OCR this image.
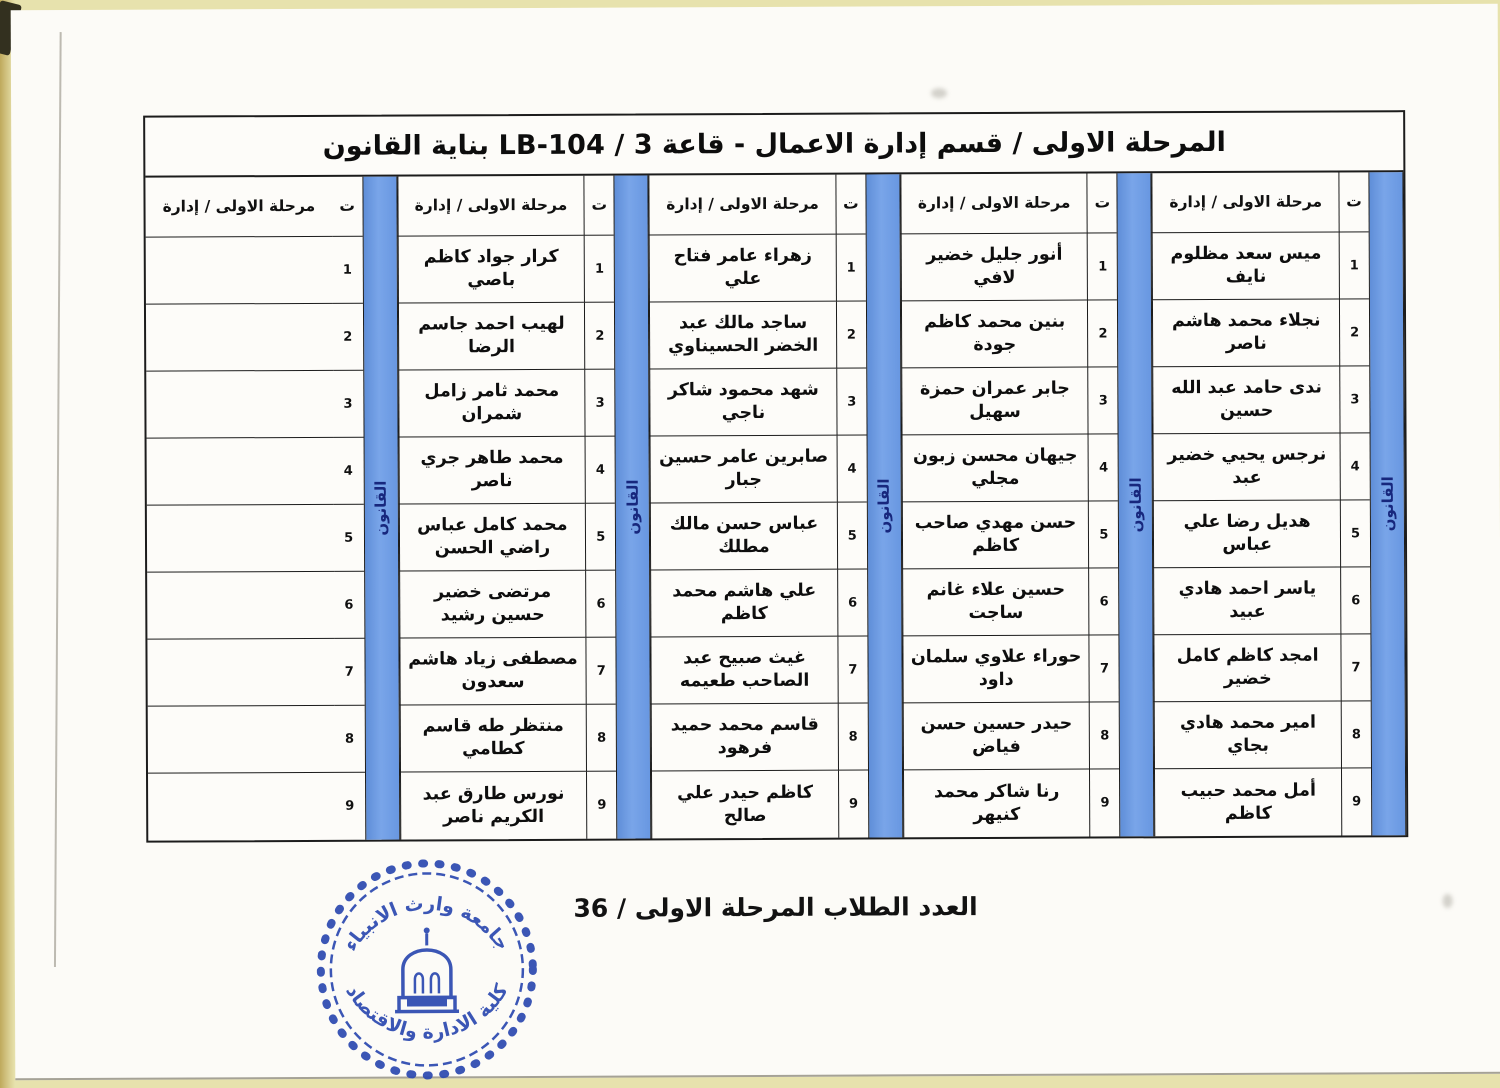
المرحلة الاولى / قسم إدارة الاعمال - قاعة 3 / LB-104 بناية القانون
القانون
ت
1
2
3
4
5
6
7
8
9
مرحلة الاولى / إدارة
ميس سعد مظلوم نايف
نجلاء محمد هاشم ناصر
ندى حامد عبد الله حسين
نرجس يحيي خضير عبد
هديل رضا علي عباس
ياسر احمد هادي عبيد
امجد كاظم كامل خضير
امير محمد هادي بجاي
أمل محمد حبيب كاظم
القانون
ت
1
2
3
4
5
6
7
8
9
مرحلة الاولى / إدارة
أنور جليل خضير لافي
بنين محمد كاظم جودة
جابر عمران حمزة سهيل
جيهان محسن زبون مجلي
حسن مهدي صاحب كاظم
حسين علاء غانم ساجت
حوراء علاوي سلمان داود
حيدر حسين حسن فياض
رنا شاكر محمد كنيهر
القانون
ت
1
2
3
4
5
6
7
8
9
مرحلة الاولى / إدارة
زهراء عامر فتاح علي
ساجد مالك عبد الخضر الحسيناوي
شهد محمود شاكر ناجي
صابرين عامر حسين جبار
عباس حسن مالك مطلك
علي هاشم محمد كاظم
غيث صبيح عبد الصاحب طعيمه
قاسم محمد حميد فرهود
كاظم حيدر علي صالح
القانون
ت
1
2
3
4
5
6
7
8
9
مرحلة الاولى / إدارة
كرار جواد كاظم باصي
لهيب احمد جاسم الرضا
محمد ثامر زامل شمران
محمد طاهر جري ناصر
محمد كامل عباس راضي الحسن
مرتضى خضير حسين رشيد
مصطفى زياد هاشم سعدون
منتظر طه قاسم كطامي
نورس طارق عبد الكريم ناصر
القانون
ت
1
2
3
4
5
6
7
8
9
مرحلة الاولى / إدارة
العدد الطلاب المرحلة الاولى / 36
جامعة وارث الانبياء
كلية الادارة والاقتصاد
